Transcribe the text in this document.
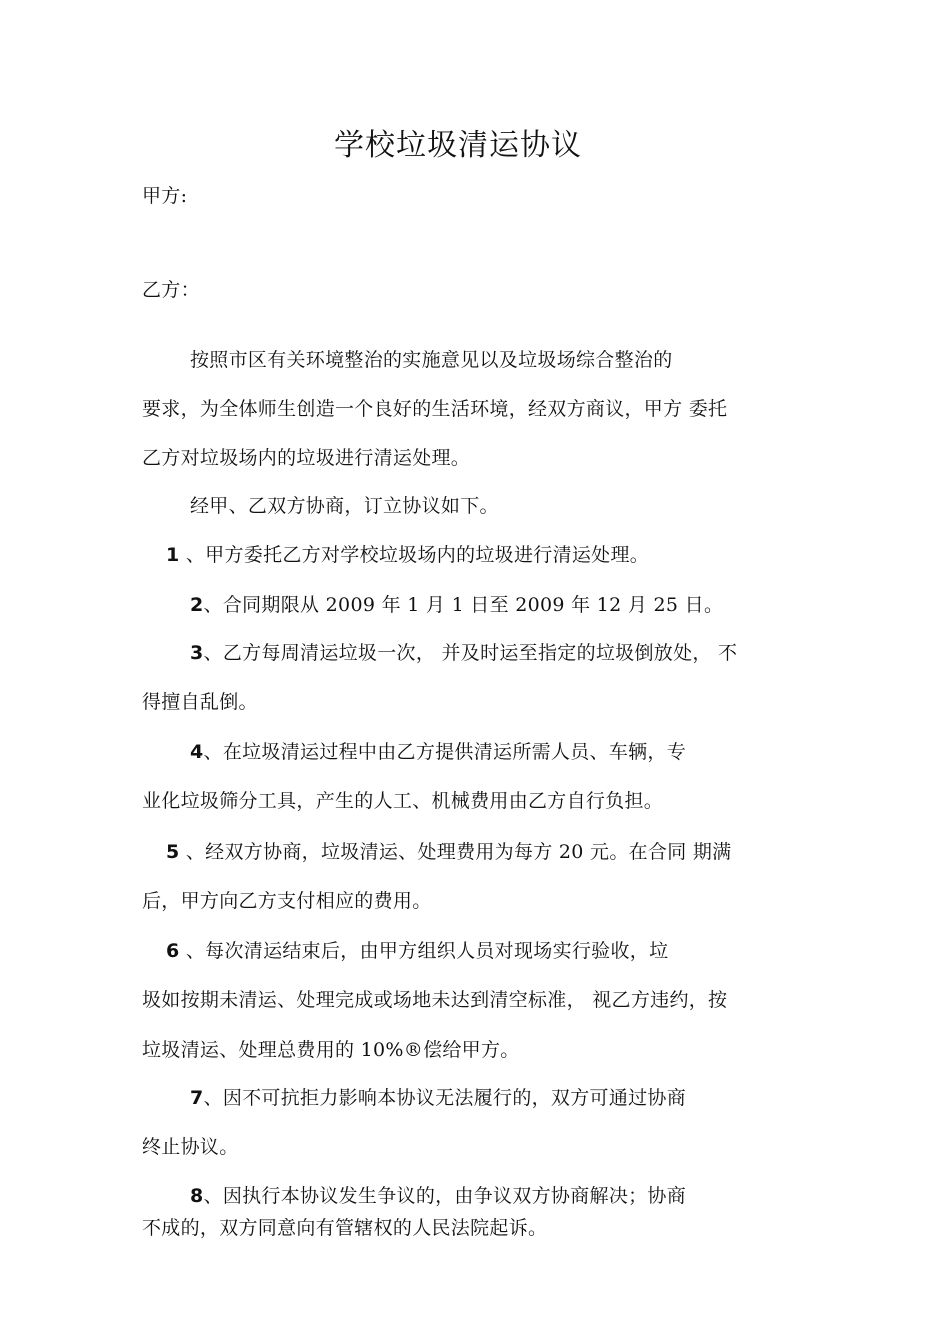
学校垃圾清运协议

甲方:

乙方：

按照市区有关环境整治的实施意见以及垃圾场综合整治的

要求，为全体师生创造一个良好的生活环境，经双方商议，甲方 委托

乙方对垃圾场内的垃圾进行清运处理。

经甲、乙双方协商，订立协议如下。

1 、甲方委托乙方对学校垃圾场内的垃圾进行清运处理。

2、合同期限从 2009 年 1 月 1 日至 2009 年 12 月 25 日。

3、乙方每周清运垃圾一次， 并及时运至指定的垃圾倒放处， 不

得擅自乱倒。

4、在垃圾清运过程中由乙方提供清运所需人员、车辆，专

业化垃圾筛分工具，产生的人工、机械费用由乙方自行负担。

5 、经双方协商，垃圾清运、处理费用为每方 20 元。在合同 期满

后，甲方向乙方支付相应的费用。

6 、每次清运结束后，由甲方组织人员对现场实行验收，垃

圾如按期未清运、处理完成或场地未达到清空标准， 视乙方违约，按

垃圾清运、处理总费用的 10%®偿给甲方。

7、因不可抗拒力影响本协议无法履行的，双方可通过协商

终止协议。

8、因执行本协议发生争议的，由争议双方协商解决；协商

不成的，双方同意向有管辖权的人民法院起诉。
